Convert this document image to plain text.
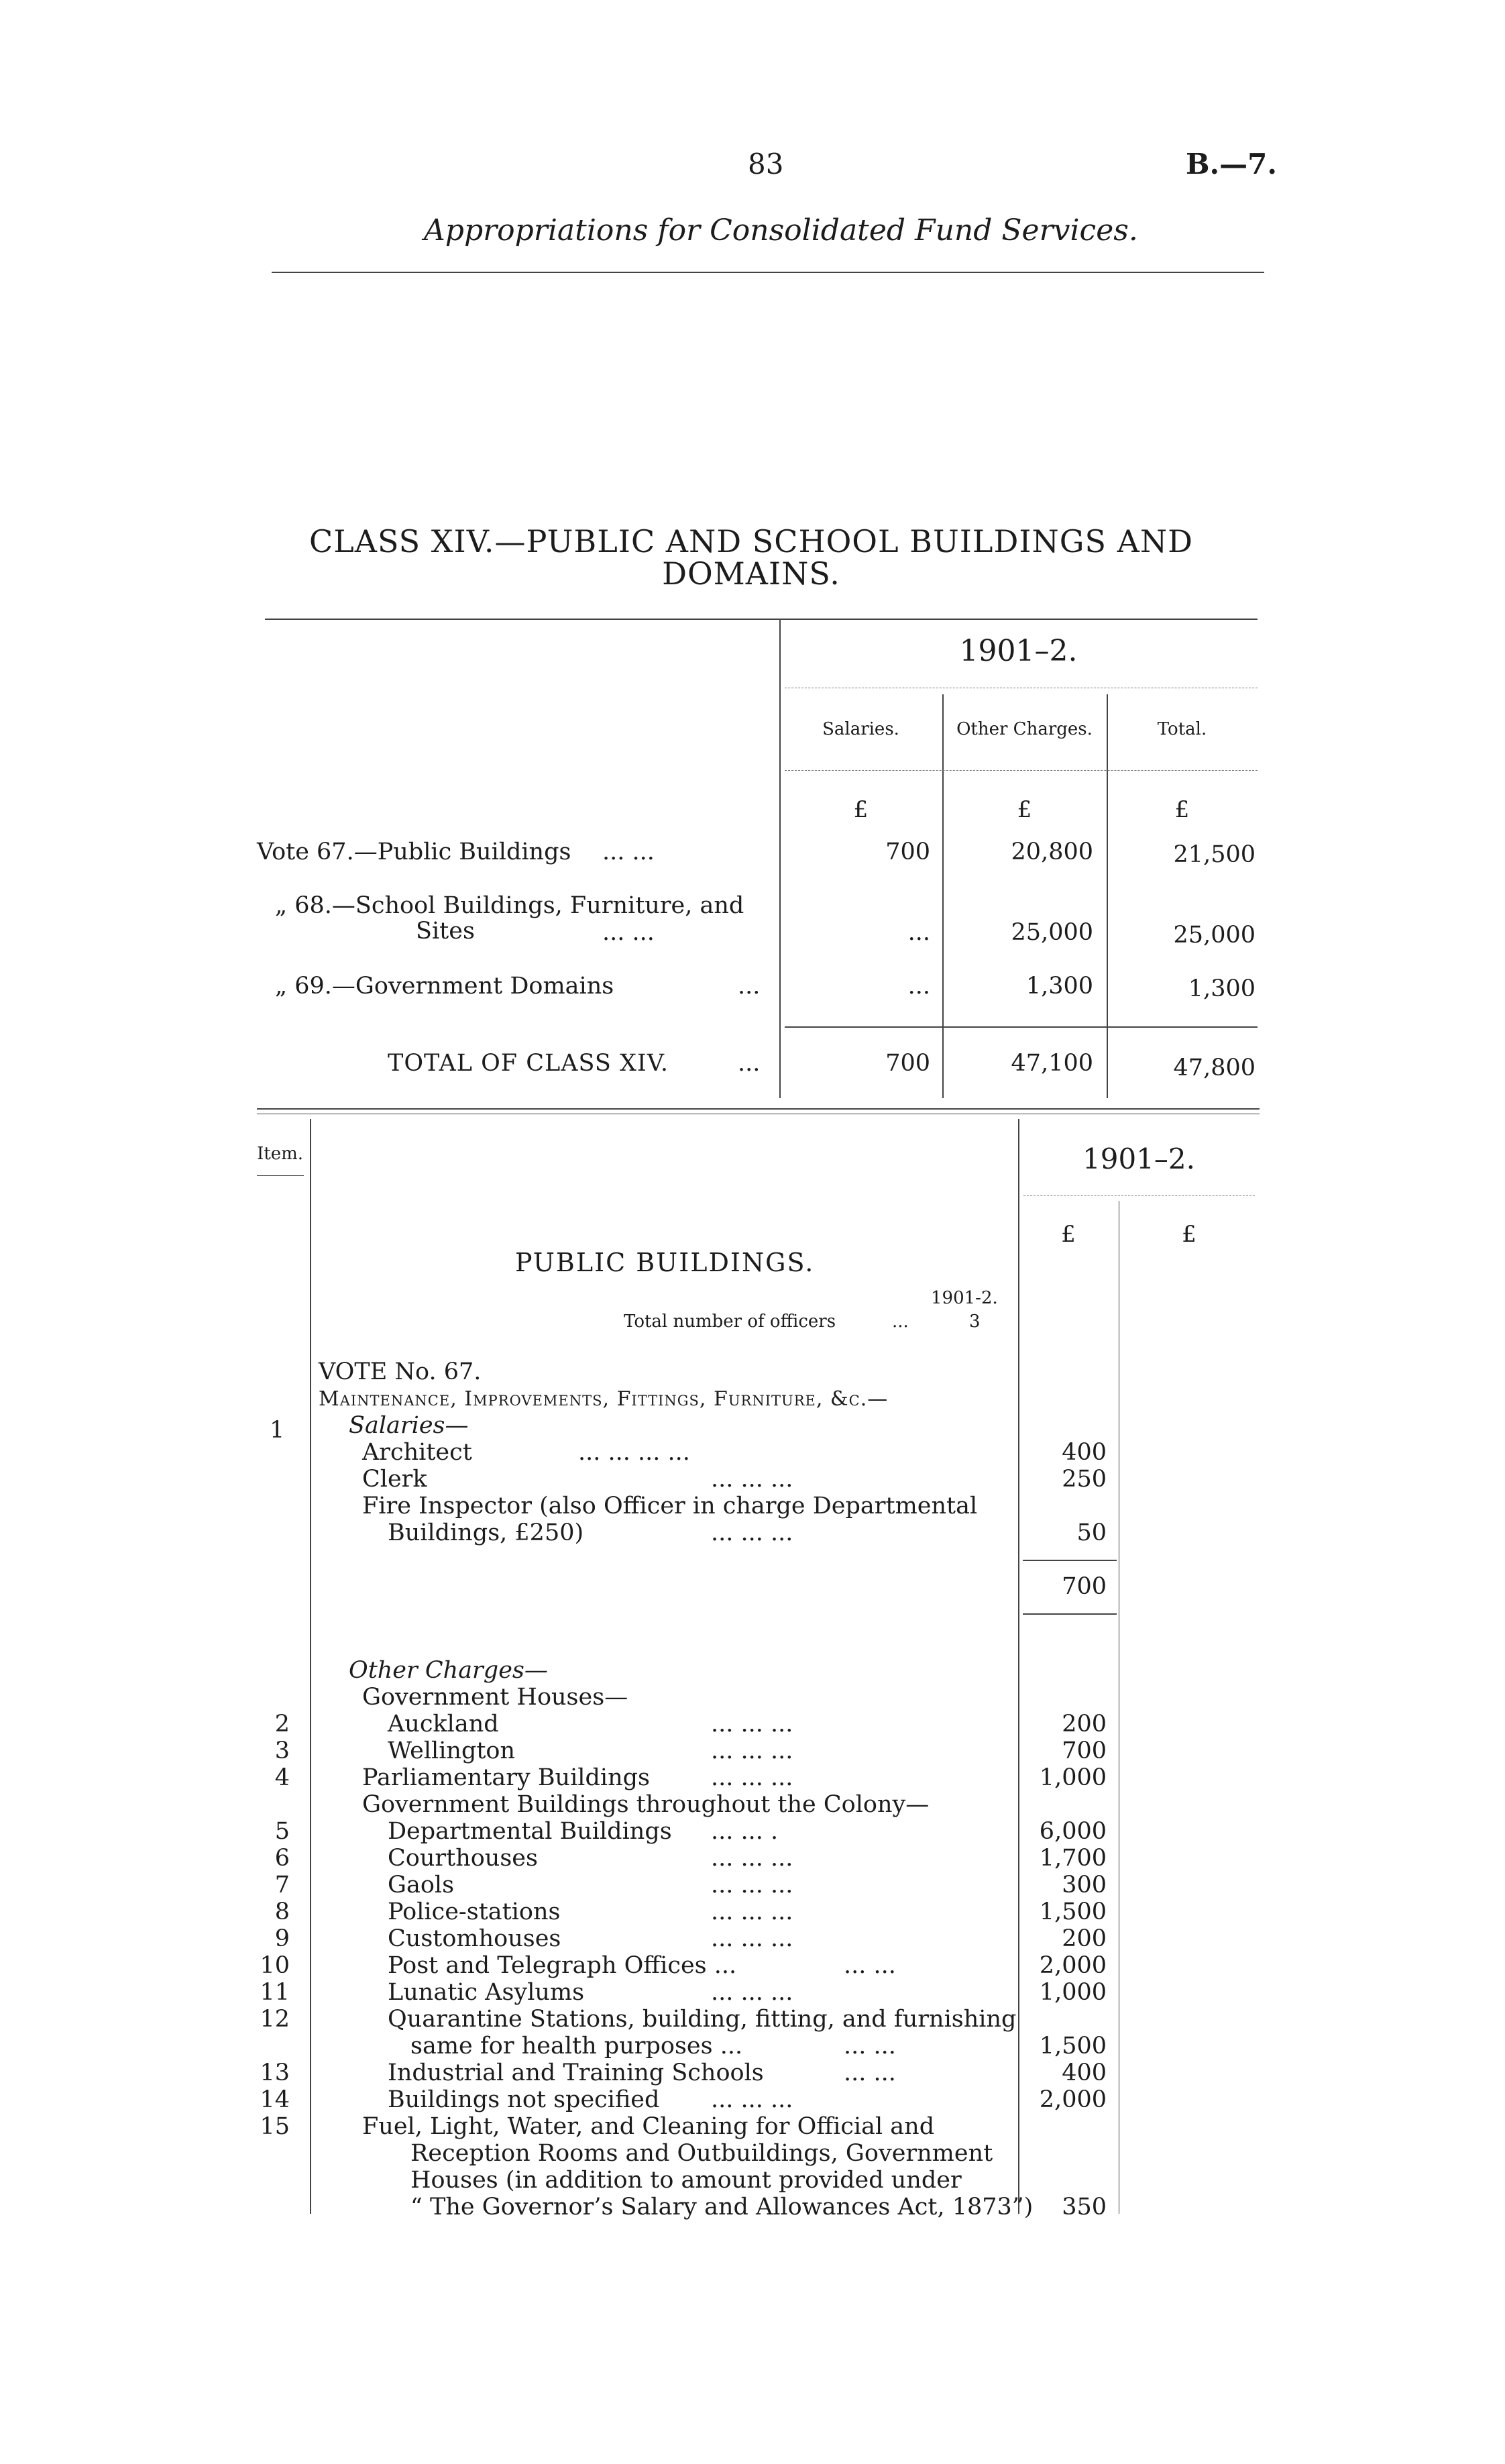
83	B.—7.
Appropriations for Consolidated Fund Services.
CLASS XIV.—PUBLIC AND SCHOOL BUILDINGS AND
DOMAINS.
1901–2.
Salaries.	Other Charges.	Total.
£	£	£
Vote 67.—Public Buildings ... ...	700	20,800	21,500
„ 68.—School Buildings, Furniture, and
Sites	... ...	...	25,000	25,000
„ 69.—Government Domains	...	...	1,300	1,300
TOTAL OF CLASS XIV.	...	700	47,100	47,800
Item.	1901–2.
£	£
PUBLIC BUILDINGS.
1901-2.
Total number of officers	...	3
VOTE No. 67.
Maintenance, Improvements, Fittings, Furniture, &c.—
Salaries—
1
Architect	... ... ... ...	400
Clerk	... ... ...	250
Fire Inspector (also Officer in charge Departmental
Buildings, £250)	... ... ...	50
700
Other Charges—
Government Houses—
2	Auckland	... ... ...	200
3	Wellington	... ... ...	700
4	Parliamentary Buildings	... ... ...	1,000
Government Buildings throughout the Colony—
5	Departmental Buildings ... ... .	6,000
6	Courthouses	... ... ...	1,700
7	Gaols	... ... ...	300
8	Police-stations	... ... ...	1,500
9	Customhouses	... ... ...	200
10	Post and Telegraph Offices ...	... ...	2,000
11	Lunatic Asylums	... ... ...	1,000
12	Quarantine Stations, building, fitting, and furnishing
same for health purposes ...	... ...	1,500
13	Industrial and Training Schools	... ...	400
14	Buildings not specified ... ... ...	2,000
15	Fuel, Light, Water, and Cleaning for Official and
Reception Rooms and Outbuildings, Government
Houses (in addition to amount provided under
“ The Governor’s Salary and Allowances Act, 1873”)	350
